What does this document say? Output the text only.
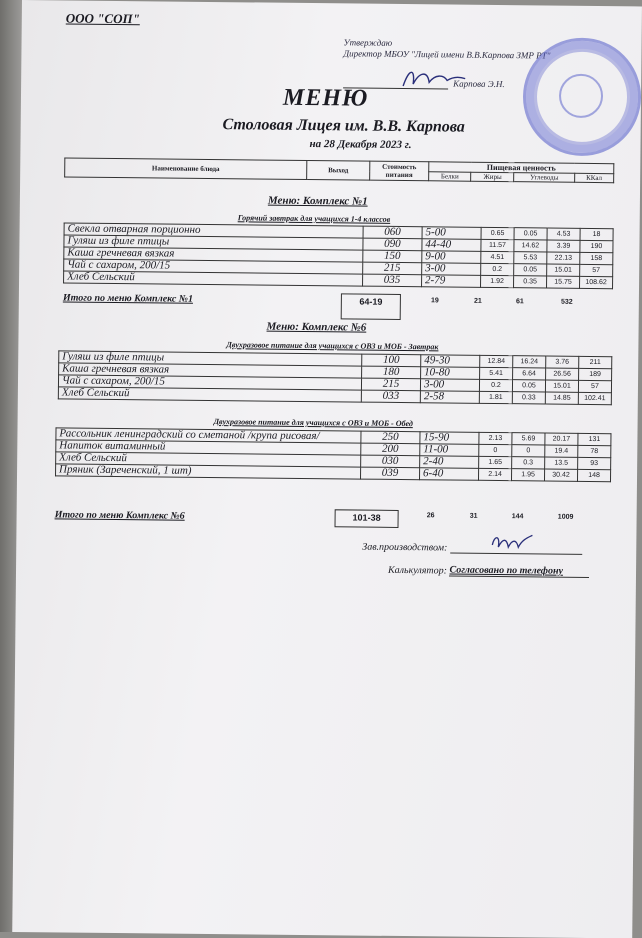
ООО "СОП"
Утверждаю
Директор МБОУ "Лицей имени В.В.Карпова ЗМР РТ"
Карпова Э.Н.
МЕНЮ
Столовая Лицея им. В.В. Карпова
на 28 Декабря 2023 г.
Наименование блюда	Выход	Стоимость питания	Пищевая ценность			
			Белки	Жиры	Углеводы	ККал
Меню: Комплекс №1
Горячий завтрак для учащихся 1-4 классов
Свекла отварная порционно	060	5-00	0.65	0.05	4.53	18
Гуляш из филе птицы	090	44-40	11.57	14.62	3.39	190
Каша гречневая вязкая	150	9-00	4.51	5.53	22.13	158
Чай с сахаром, 200/15	215	3-00	0.2	0.05	15.01	57
Хлеб Сельский	035	2-79	1.92	0.35	15.75	108.62
Итого по меню Комплекс №1	64-19	19	21	61	532
Меню: Комплекс №6
Двухразовое питание для учащихся с ОВЗ и МОБ - Завтрак
Гуляш из филе птицы	100	49-30	12.84	16.24	3.76	211
Каша гречневая вязкая	180	10-80	5.41	6.64	26.56	189
Чай с сахаром, 200/15	215	3-00	0.2	0.05	15.01	57
Хлеб Сельский	033	2-58	1.81	0.33	14.85	102.41
Двухразовое питание для учащихся с ОВЗ и МОБ - Обед
Рассольник ленинградский со сметаной /крупа рисовая/	250	15-90	2.13	5.69	20.17	131
Напиток витаминный	200	11-00	0	0	19.4	78
Хлеб Сельский	030	2-40	1.65	0.3	13.5	93
Пряник (Зареченский, 1 шт)	039	6-40	2.14	1.95	30.42	148
Итого по меню Комплекс №6	101-38	26	31	144	1009
Зав.производством:
Калькулятор: Согласовано по телефону
